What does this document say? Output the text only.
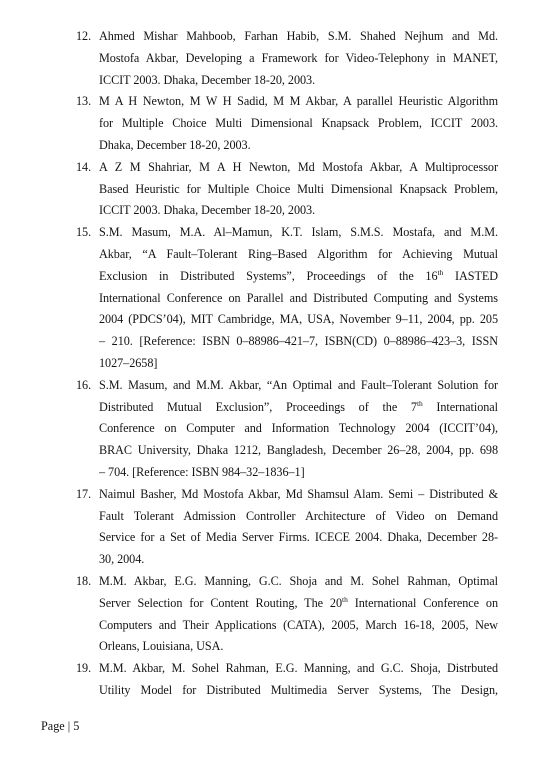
12. Ahmed Mishar Mahboob, Farhan Habib, S.M. Shahed Nejhum and Md.
Mostofa Akbar, Developing a Framework for Video-Telephony in MANET,
ICCIT 2003. Dhaka, December 18-20, 2003.
13. M A H Newton, M W H Sadid, M M Akbar, A parallel Heuristic Algorithm
for Multiple Choice Multi Dimensional Knapsack Problem, ICCIT 2003.
Dhaka, December 18-20, 2003.
14. A Z M Shahriar, M A H Newton, Md Mostofa Akbar, A Multiprocessor
Based Heuristic for Multiple Choice Multi Dimensional Knapsack Problem,
ICCIT 2003. Dhaka, December 18-20, 2003.
15. S.M. Masum, M.A. Al–Mamun, K.T. Islam, S.M.S. Mostafa, and M.M.
Akbar, “A Fault–Tolerant Ring–Based Algorithm for Achieving Mutual
Exclusion in Distributed Systems”, Proceedings of the 16th IASTED
International Conference on Parallel and Distributed Computing and Systems
2004 (PDCS’04), MIT Cambridge, MA, USA, November 9–11, 2004, pp. 205
– 210. [Reference: ISBN 0–88986–421–7, ISBN(CD) 0–88986–423–3, ISSN
1027–2658]
16. S.M. Masum, and M.M. Akbar, “An Optimal and Fault–Tolerant Solution for
Distributed Mutual Exclusion”, Proceedings of the 7th International
Conference on Computer and Information Technology 2004 (ICCIT’04),
BRAC University, Dhaka 1212, Bangladesh, December 26–28, 2004, pp. 698
– 704. [Reference: ISBN 984–32–1836–1]
17. Naimul Basher, Md Mostofa Akbar, Md Shamsul Alam. Semi – Distributed &
Fault Tolerant Admission Controller Architecture of Video on Demand
Service for a Set of Media Server Firms. ICECE 2004. Dhaka, December 28-
30, 2004.
18. M.M. Akbar, E.G. Manning, G.C. Shoja and M. Sohel Rahman, Optimal
Server Selection for Content Routing, The 20th International Conference on
Computers and Their Applications (CATA), 2005, March 16-18, 2005, New
Orleans, Louisiana, USA.
19. M.M. Akbar, M. Sohel Rahman, E.G. Manning, and G.C. Shoja, Distrbuted
Utility Model for Distributed Multimedia Server Systems, The Design,
Page | 5
